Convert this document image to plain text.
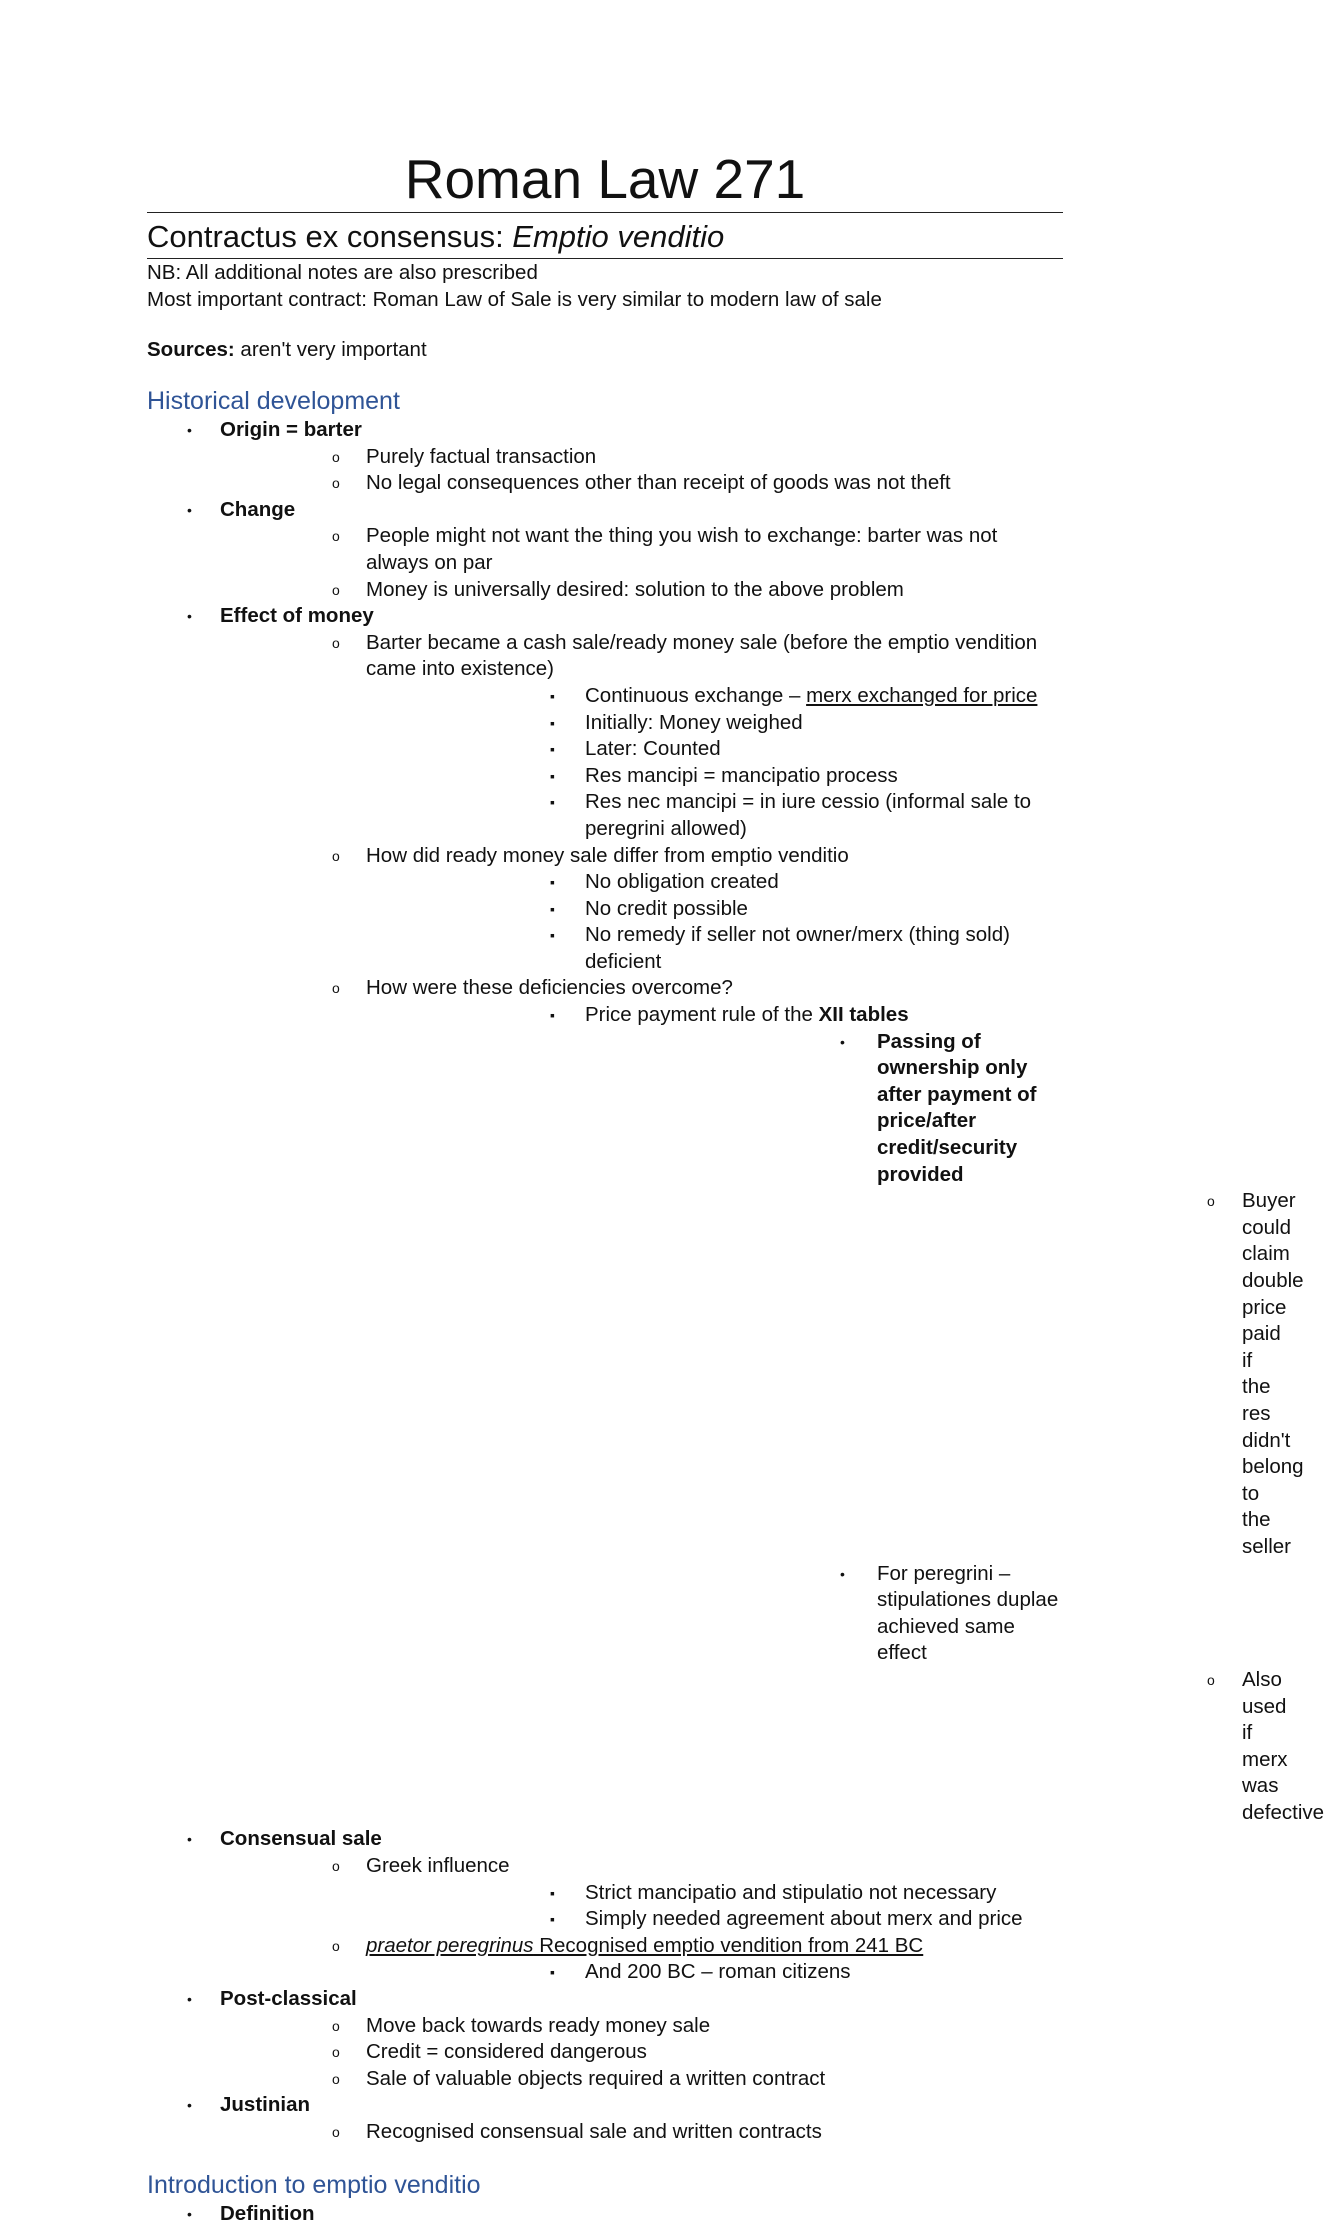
Roman Law 271
Contractus ex consensus: Emptio venditio
NB: All additional notes are also prescribed
Most important contract: Roman Law of Sale is very similar to modern law of sale
Sources: aren't very important
Historical development
• Origin = barter
o Purely factual transaction
o No legal consequences other than receipt of goods was not theft
• Change
o People might not want the thing you wish to exchange: barter was not always on par
o Money is universally desired: solution to the above problem
• Effect of money
o Barter became a cash sale/ready money sale (before the emptio vendition came into existence)
▪ Continuous exchange – merx exchanged for price
▪ Initially: Money weighed
▪ Later: Counted
▪ Res mancipi = mancipatio process
▪ Res nec mancipi = in iure cessio (informal sale to peregrini allowed)
o How did ready money sale differ from emptio venditio
▪ No obligation created
▪ No credit possible
▪ No remedy if seller not owner/merx (thing sold) deficient
o How were these deficiencies overcome?
▪ Price payment rule of the XII tables
• Passing of ownership only after payment of price/after credit/security provided
o Buyer could claim double price paid if the res didn't belong to the seller
• For peregrini – stipulationes duplae achieved same effect
o Also used if merx was defective
• Consensual sale
o Greek influence
▪ Strict mancipatio and stipulatio not necessary
▪ Simply needed agreement about merx and price
o praetor peregrinus Recognised emptio vendition from 241 BC
▪ And 200 BC – roman citizens
• Post-classical
o Move back towards ready money sale
o Credit = considered dangerous
o Sale of valuable objects required a written contract
• Justinian
o Recognised consensual sale and written contracts
Introduction to emptio venditio
• Definition
